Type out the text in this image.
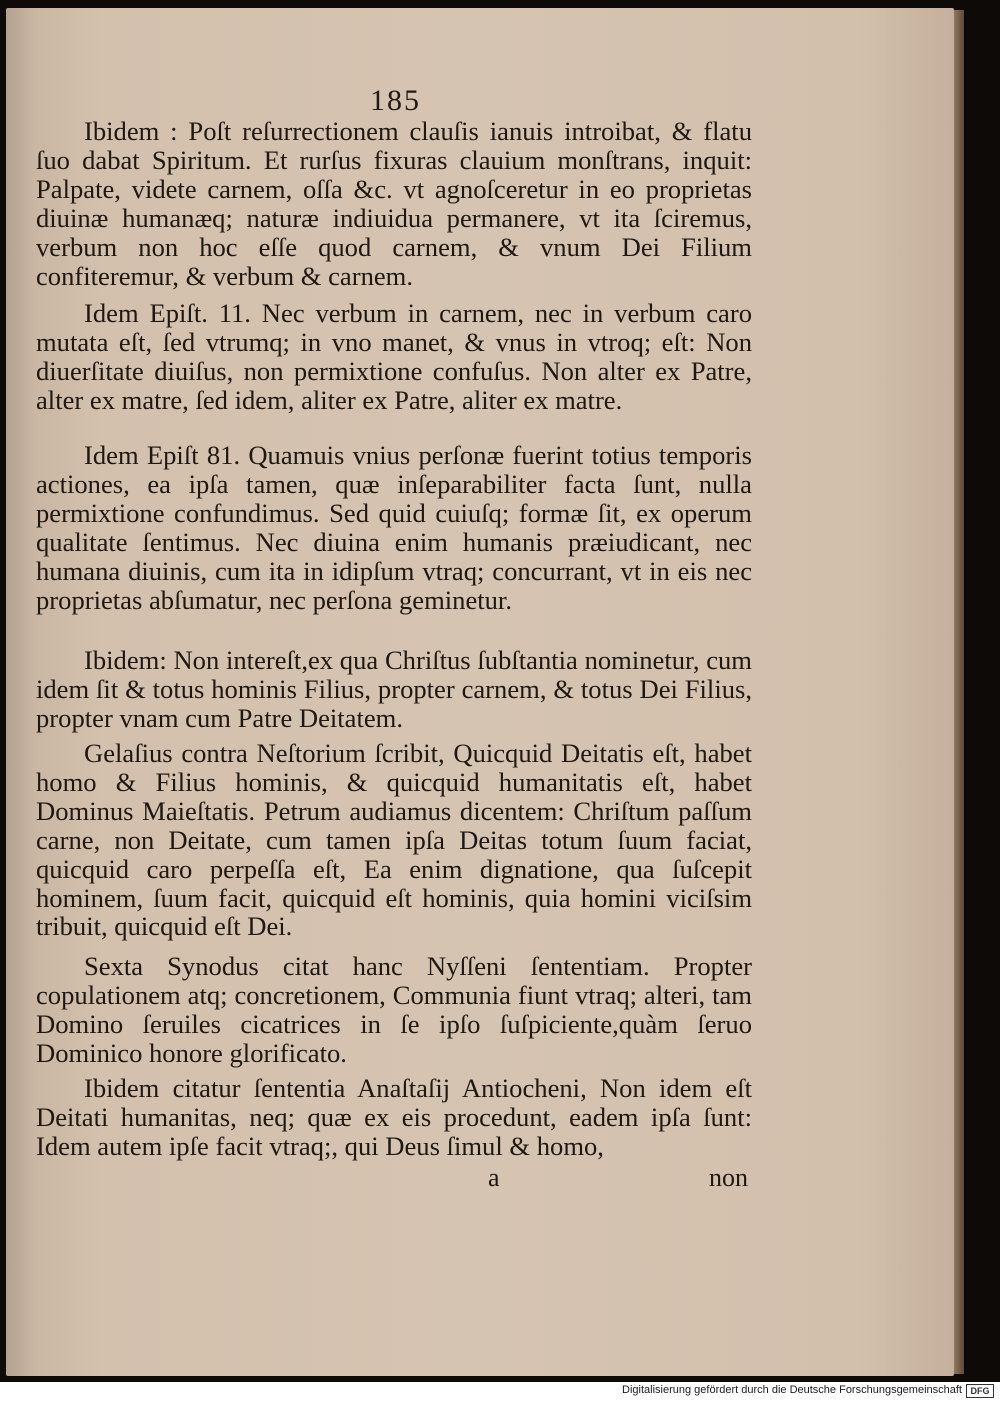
185

Ibidem : Poſt reſurrectionem clauſis ianuis introibat, & flatu ſuo dabat Spiritum. Et rurſus fixuras clauium monſtrans, inquit: Palpate, videte carnem, oſſa &c. vt agnoſceretur in eo proprietas diuinæ humanæq; naturæ indiuidua permanere, vt ita ſciremus, verbum non hoc eſſe quod carnem, & vnum Dei Filium confiteremur, & verbum & carnem.

Idem Epiſt. 11. Nec verbum in carnem, nec in verbum caro mutata eſt, ſed vtrumq; in vno manet, & vnus in vtroq; eſt: Non diuerſitate diuiſus, non permixtione confuſus. Non alter ex Patre, alter ex matre, ſed idem, aliter ex Patre, aliter ex matre.

Idem Epiſt 81. Quamuis vnius perſonæ fuerint totius temporis actiones, ea ipſa tamen, quæ inſeparabiliter facta ſunt, nulla permixtione confundimus. Sed quid cuiuſq; formæ ſit, ex operum qualitate ſentimus. Nec diuina enim humanis præiudicant, nec humana diuinis, cum ita in idipſum vtraq; concurrant, vt in eis nec proprietas abſumatur, nec perſona geminetur.

Ibidem: Non intereſt,ex qua Chriſtus ſubſtantia nominetur, cum idem ſit & totus hominis Filius, propter carnem, & totus Dei Filius, propter vnam cum Patre Deitatem.

Gelaſius contra Neſtorium ſcribit, Quicquid Deitatis eſt, habet homo & Filius hominis, & quicquid humanitatis eſt, habet Dominus Maieſtatis. Petrum audiamus dicentem: Chriſtum paſſum carne, non Deitate, cum tamen ipſa Deitas totum ſuum faciat, quicquid caro perpeſſa eſt, Ea enim dignatione, qua ſuſcepit hominem, ſuum facit, quicquid eſt hominis, quia homini viciſsim tribuit, quicquid eſt Dei.

Sexta Synodus citat hanc Nyſſeni ſententiam. Propter copulationem atq; concretionem, Communia fiunt vtraq; alteri, tam Domino ſeruiles cicatrices in ſe ipſo ſuſpiciente,quàm ſeruo Dominico honore glorificato.

Ibidem citatur ſententia Anaſtaſij Antiocheni, Non idem eſt Deitati humanitas, neq; quæ ex eis procedunt, eadem ipſa ſunt: Idem autem ipſe facit vtraq;, qui Deus ſimul & homo,

a	non
Digitalisierung gefördert durch die Deutsche Forschungsgemeinschaft DFG
